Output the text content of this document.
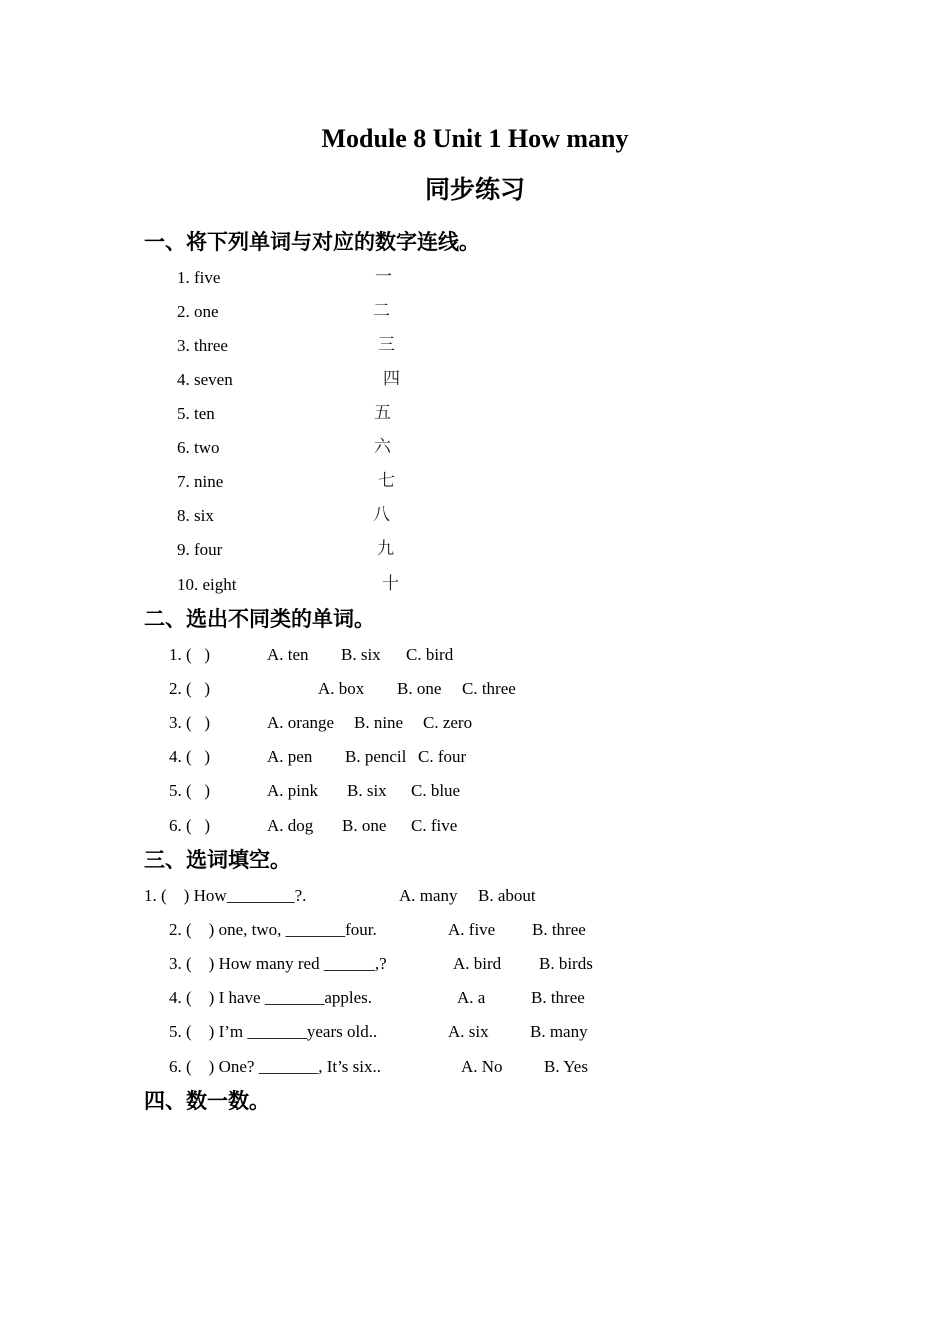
Module 8 Unit 1 How many
同步练习
一、将下列单词与对应的数字连线。
1. five
2. one
3. three
4. seven
5. ten
6. two
7. nine
8. six
9. four
10. eight
一
二
三
四
五
六
七
八
九
十
二、选出不同类的单词。
1. (   )	A. ten B. six C. bird
2. (   )	A. box B. one C. three
3. (   )	A. orange B. nine C. zero
4. (   )	A. pen B. pencil C. four
5. (   )	A. pink B. six C. blue
6. (   )	A. dog B. one C. five
三、选词填空。
1. (    ) How________?.	A. many B. about
2. (    ) one, two, _______four.	A. five B. three
3. (    ) How many red ______,?	A. bird B. birds
4. (    ) I have _______apples.	A. a	B. three
5. (    ) I’m _______years old..	A. six B. many
6. (    ) One? _______, It’s six..	A. No B. Yes
四、数一数。
